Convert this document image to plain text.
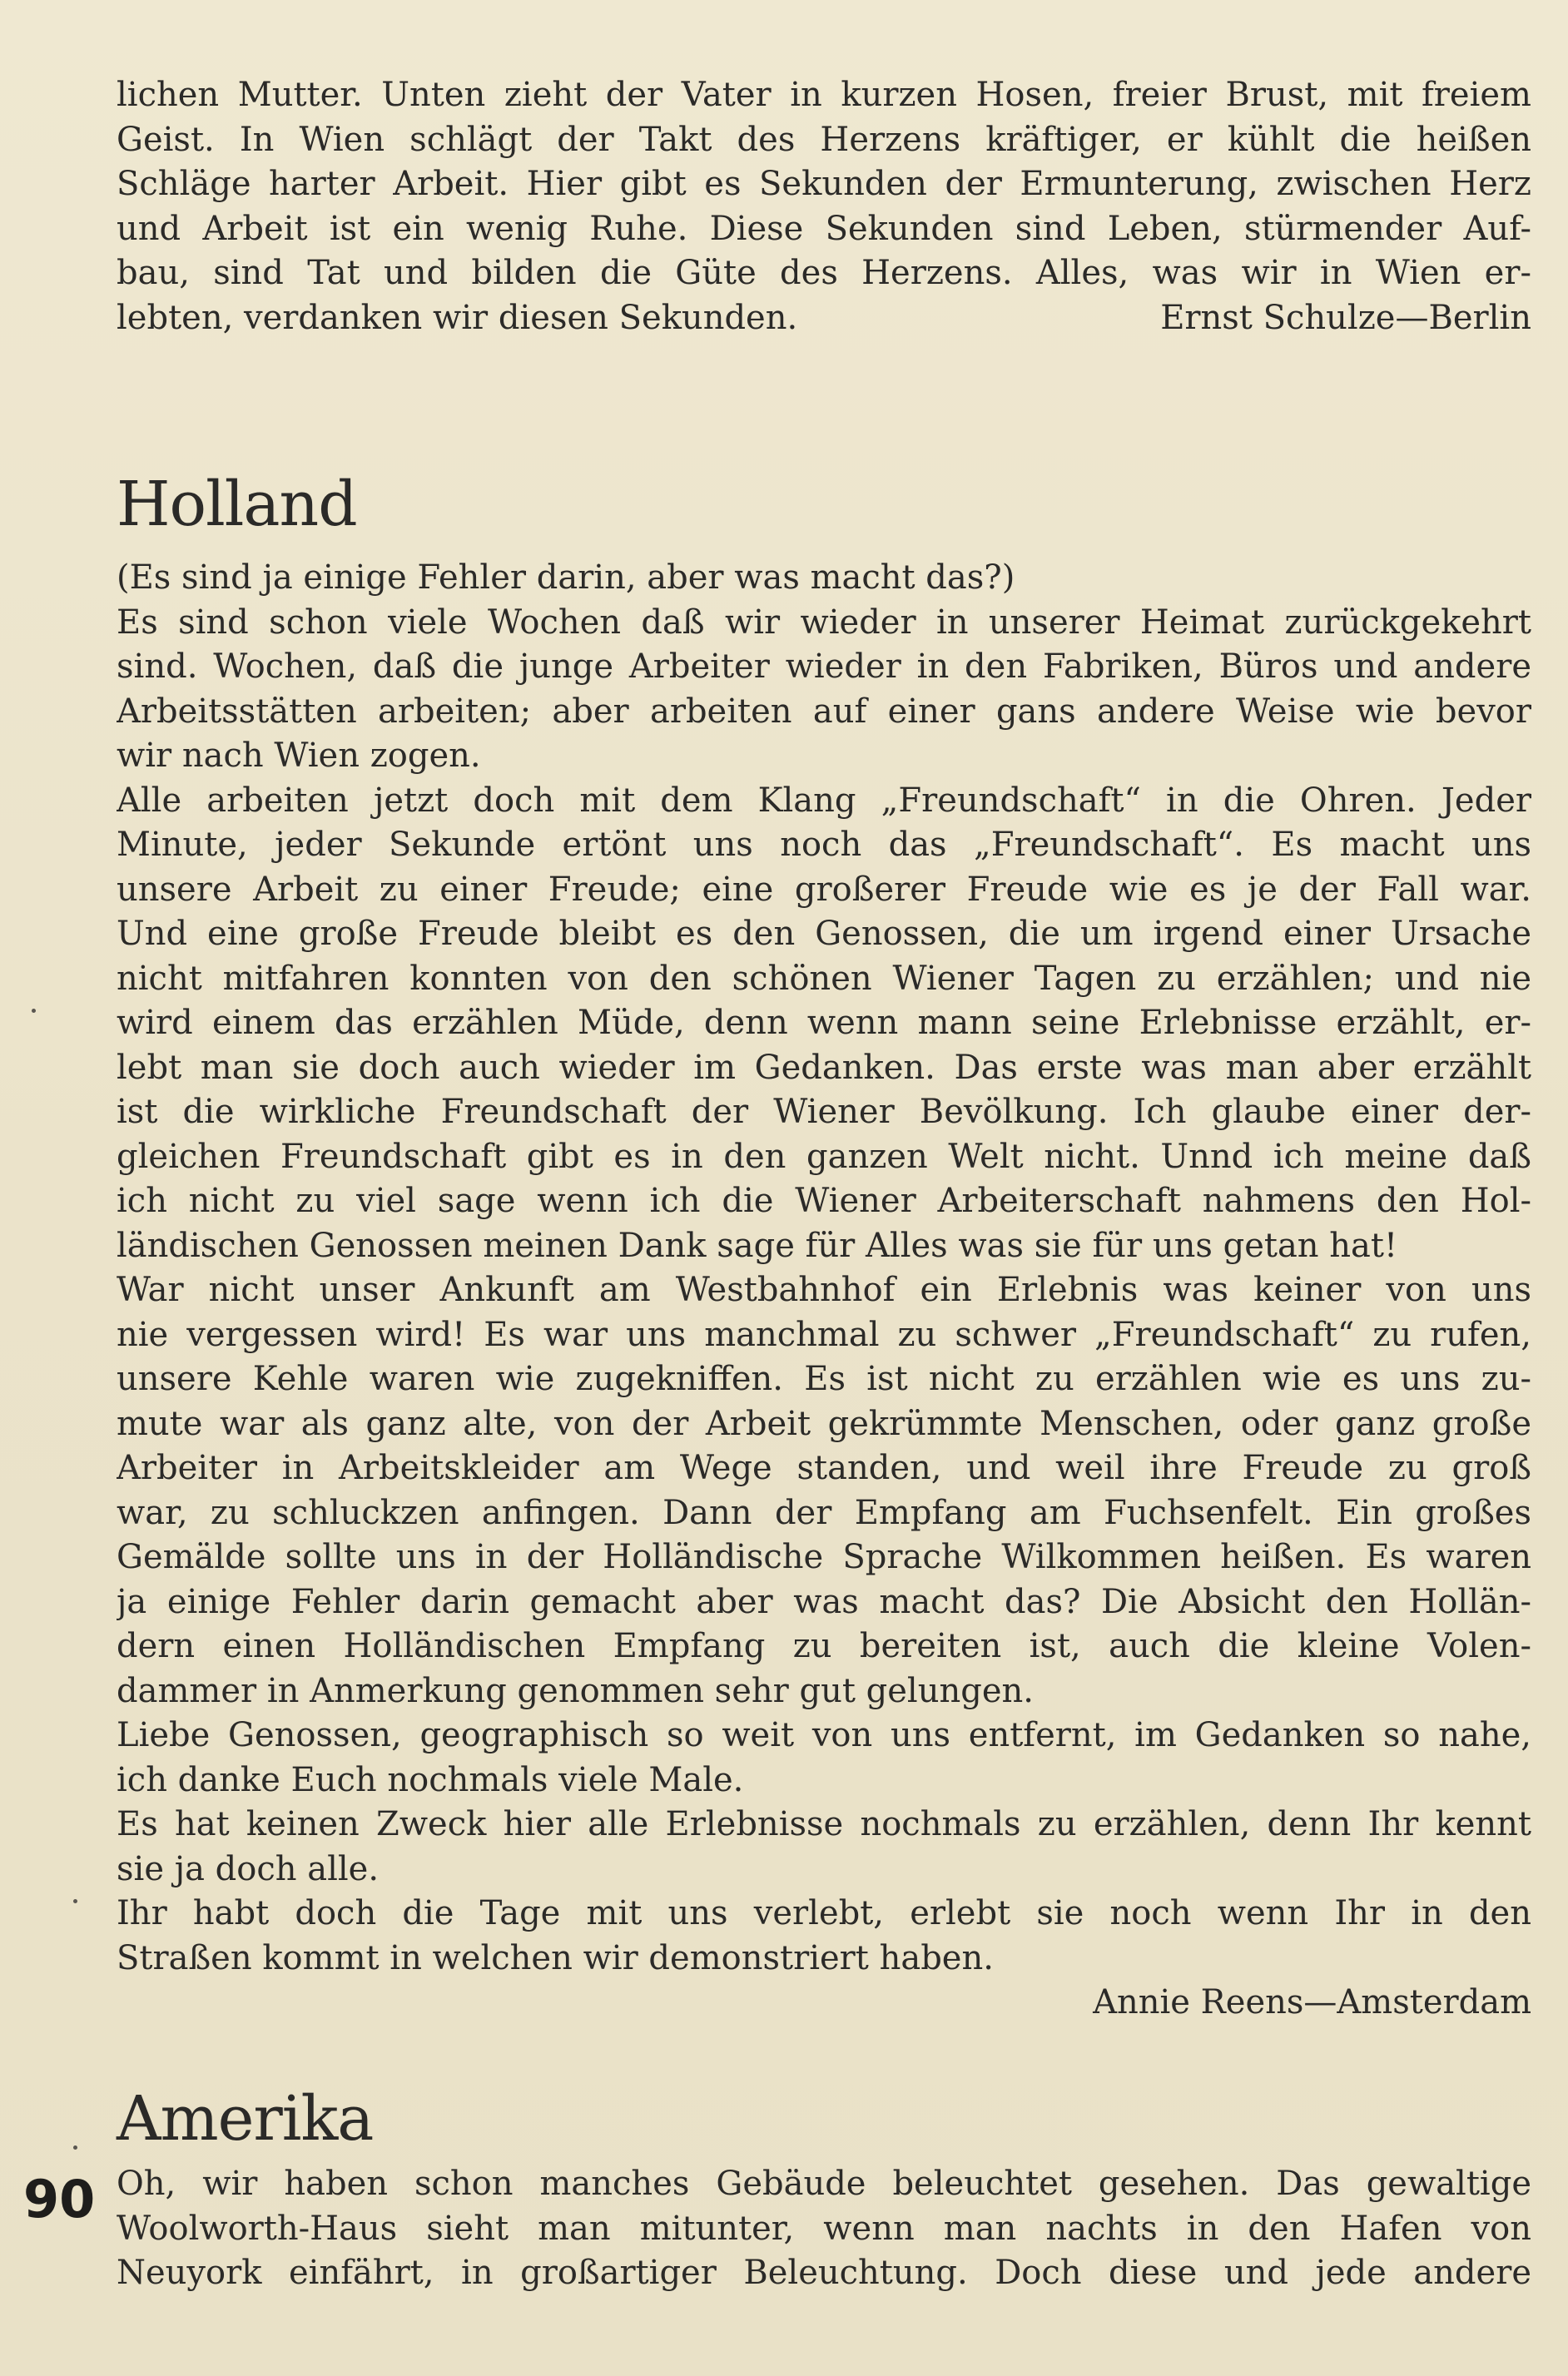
lichen Mutter. Unten zieht der Vater in kurzen Hosen, freier Brust, mit freiem
Geist. In Wien schlägt der Takt des Herzens kräftiger, er kühlt die heißen
Schläge harter Arbeit. Hier gibt es Sekunden der Ermunterung, zwischen Herz
und Arbeit ist ein wenig Ruhe. Diese Sekunden sind Leben, stürmender Auf-
bau, sind Tat und bilden die Güte des Herzens. Alles, was wir in Wien er-
lebten, verdanken wir diesen Sekunden.	Ernst Schulze—Berlin
Holland
(Es sind ja einige Fehler darin, aber was macht das?)
Es sind schon viele Wochen daß wir wieder in unserer Heimat zurückgekehrt
sind. Wochen, daß die junge Arbeiter wieder in den Fabriken, Büros und andere
Arbeitsstätten arbeiten; aber arbeiten auf einer gans andere Weise wie bevor
wir nach Wien zogen.
Alle arbeiten jetzt doch mit dem Klang „Freundschaft“ in die Ohren. Jeder
Minute, jeder Sekunde ertönt uns noch das „Freundschaft“. Es macht uns
unsere Arbeit zu einer Freude; eine großerer Freude wie es je der Fall war.
Und eine große Freude bleibt es den Genossen, die um irgend einer Ursache
nicht mitfahren konnten von den schönen Wiener Tagen zu erzählen; und nie
wird einem das erzählen Müde, denn wenn mann seine Erlebnisse erzählt, er-
lebt man sie doch auch wieder im Gedanken. Das erste was man aber erzählt
ist die wirkliche Freundschaft der Wiener Bevölkung. Ich glaube einer der-
gleichen Freundschaft gibt es in den ganzen Welt nicht. Unnd ich meine daß
ich nicht zu viel sage wenn ich die Wiener Arbeiterschaft nahmens den Hol-
ländischen Genossen meinen Dank sage für Alles was sie für uns getan hat!
War nicht unser Ankunft am Westbahnhof ein Erlebnis was keiner von uns
nie vergessen wird! Es war uns manchmal zu schwer „Freundschaft“ zu rufen,
unsere Kehle waren wie zugekniffen. Es ist nicht zu erzählen wie es uns zu-
mute war als ganz alte, von der Arbeit gekrümmte Menschen, oder ganz große
Arbeiter in Arbeitskleider am Wege standen, und weil ihre Freude zu groß
war, zu schluckzen anfingen. Dann der Empfang am Fuchsenfelt. Ein großes
Gemälde sollte uns in der Holländische Sprache Wilkommen heißen. Es waren
ja einige Fehler darin gemacht aber was macht das? Die Absicht den Hollän-
dern einen Holländischen Empfang zu bereiten ist, auch die kleine Volen-
dammer in Anmerkung genommen sehr gut gelungen.
Liebe Genossen, geographisch so weit von uns entfernt, im Gedanken so nahe,
ich danke Euch nochmals viele Male.
Es hat keinen Zweck hier alle Erlebnisse nochmals zu erzählen, denn Ihr kennt
sie ja doch alle.
Ihr habt doch die Tage mit uns verlebt, erlebt sie noch wenn Ihr in den
Straßen kommt in welchen wir demonstriert haben.
Annie Reens—Amsterdam
Amerika
Oh, wir haben schon manches Gebäude beleuchtet gesehen. Das gewaltige
Woolworth-Haus sieht man mitunter, wenn man nachts in den Hafen von
Neuyork einfährt, in großartiger Beleuchtung. Doch diese und jede andere
90
